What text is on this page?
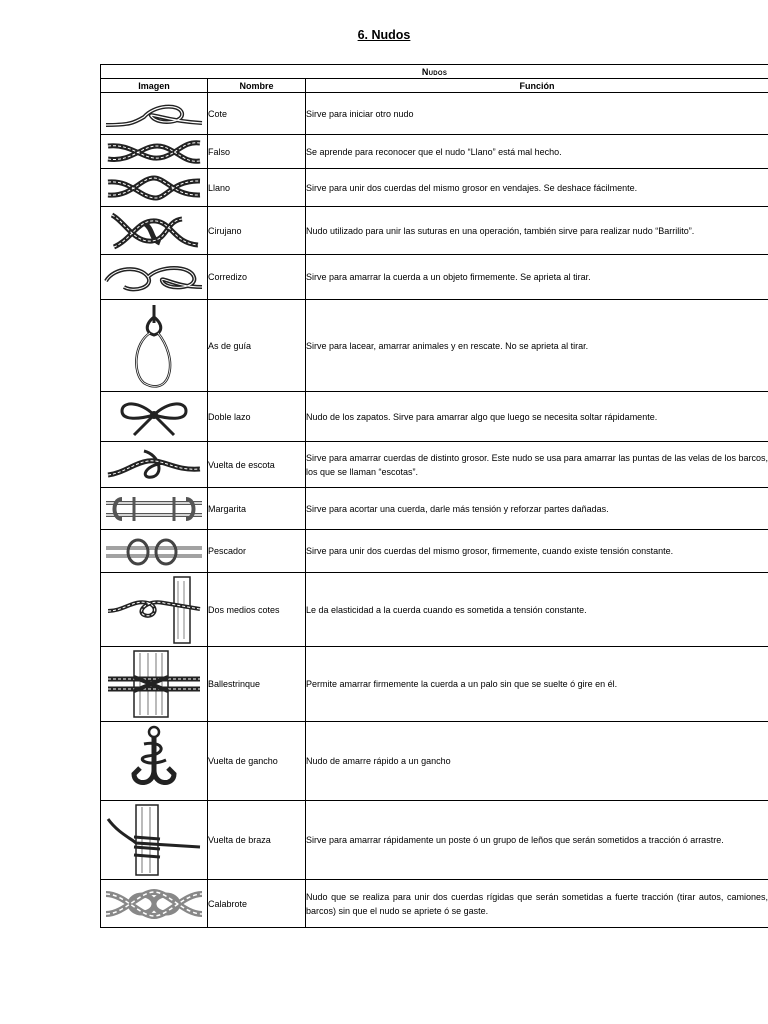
6. Nudos
Nudos		
Imagen	Nombre	Función

	Cote	Sirve para iniciar otro nudo

	Falso	Se aprende para reconocer que el nudo “Llano” está mal hecho.

	Llano	Sirve para unir dos cuerdas del mismo grosor en vendajes. Se deshace fácilmente.

	Cirujano	Nudo utilizado para unir las suturas en una operación, también sirve para realizar nudo “Barrilito”.

	Corredizo	Sirve para amarrar la cuerda a un objeto firmemente. Se aprieta al tirar.

	As de guía	Sirve para lacear, amarrar animales y en rescate. No se aprieta al tirar.

	Doble lazo	Nudo de los zapatos. Sirve para amarrar algo que luego se necesita soltar rápidamente.

	Vuelta de escota	Sirve para amarrar cuerdas de distinto grosor. Este nudo se usa para amarrar las puntas de las velas de los barcos, los que se llaman “escotas”.

	Margarita	Sirve para acortar una cuerda, darle más tensión y reforzar partes dañadas.

	Pescador	Sirve para unir dos cuerdas del mismo grosor, firmemente, cuando existe tensión constante.

	Dos medios cotes	Le da elasticidad a la cuerda cuando es sometida a tensión constante.

	Ballestrinque	Permite amarrar firmemente la cuerda a un palo sin que se suelte ó gire en él.

	Vuelta de gancho	Nudo de amarre rápido a un gancho

	Vuelta de braza	Sirve para amarrar rápidamente un poste ó un grupo de leños que serán sometidos a tracción ó arrastre.

	Calabrote	Nudo que se realiza para unir dos cuerdas rígidas que serán sometidas a fuerte tracción (tirar autos, camiones, barcos) sin que el nudo se apriete ó se gaste.
